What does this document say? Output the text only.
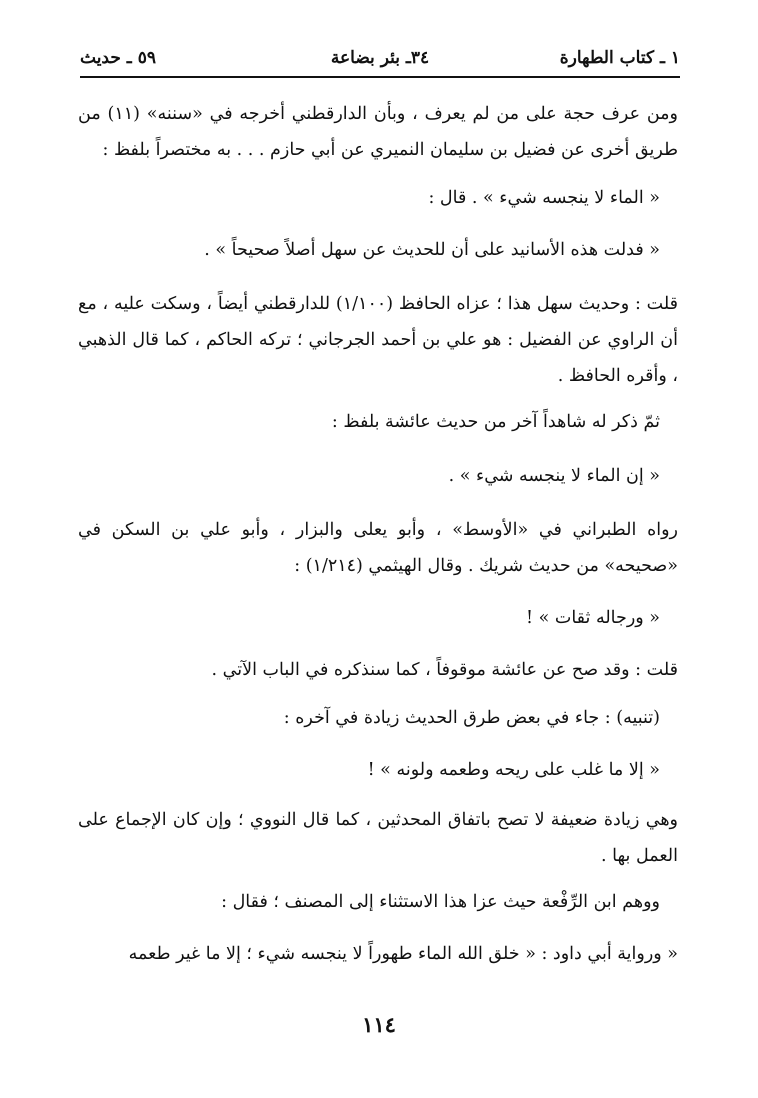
١ ـ كتاب الطهارة
٣٤ـ بئر بضاعة
٥٩ ـ حديث

ومن عرف حجة على من لم يعرف ، وبأن الدارقطني أخرجه في «سننه» (١١) من طريق أخرى عن فضيل بن سليمان النميري عن أبي حازم . . . به مختصراً بلفظ :

« الماء لا ينجسه شيء » . قال :

« فدلت هذه الأسانيد على أن للحديث عن سهل أصلاً صحيحاً » .

قلت : وحديث سهل هذا ؛ عزاه الحافظ (١/١٠٠) للدارقطني أيضاً ، وسكت عليه ، مع أن الراوي عن الفضيل : هو علي بن أحمد الجرجاني ؛ تركه الحاكم ، كما قال الذهبي ، وأقره الحافظ .

ثمّ ذكر له شاهداً آخر من حديث عائشة بلفظ :

« إن الماء لا ينجسه شيء » .

رواه الطبراني في «الأوسط» ، وأبو يعلى والبزار ، وأبو علي بن السكن في «صحيحه» من حديث شريك . وقال الهيثمي (١/٢١٤) :

« ورجاله ثقات » !

قلت : وقد صح عن عائشة موقوفاً ، كما سنذكره في الباب الآتي .

(تنبيه) : جاء في بعض طرق الحديث زيادة في آخره :

« إلا ما غلب على ريحه وطعمه ولونه » !

وهي زيادة ضعيفة لا تصح باتفاق المحدثين ، كما قال النووي ؛ وإن كان الإجماع على العمل بها .

ووهم ابن الرِّفْعة حيث عزا هذا الاستثناء إلى المصنف ؛ فقال :

« ورواية أبي داود : « خلق الله الماء طهوراً لا ينجسه شيء ؛ إلا ما غير طعمه

١١٤
